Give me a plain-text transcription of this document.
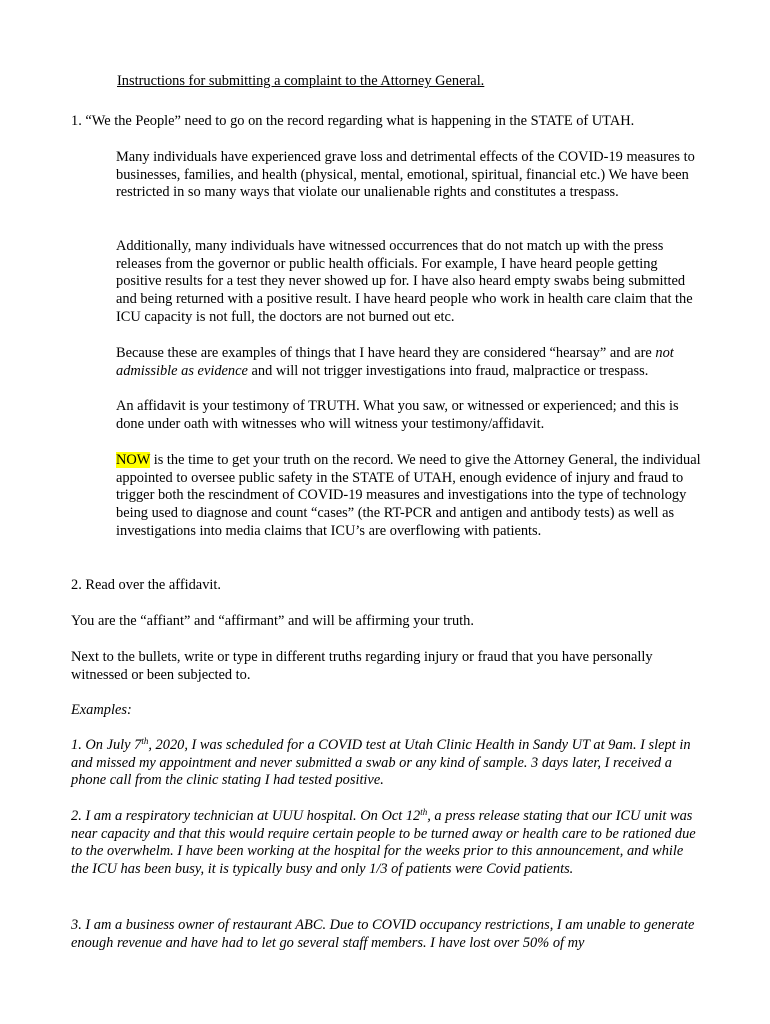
Instructions for submitting a complaint to the Attorney General.

1. “We the People” need to go on the record regarding what is happening in the STATE of UTAH.

Many individuals have experienced grave loss and detrimental effects of the COVID-19 measures to businesses, families, and health (physical, mental, emotional, spiritual, financial etc.) We have been restricted in so many ways that violate our unalienable rights and constitutes a trespass.

Additionally, many individuals have witnessed occurrences that do not match up with the press releases from the governor or public health officials. For example, I have heard people getting positive results for a test they never showed up for. I have also heard empty swabs being submitted and being returned with a positive result. I have heard people who work in health care claim that the ICU capacity is not full, the doctors are not burned out etc.

Because these are examples of things that I have heard they are considered “hearsay” and are not admissible as evidence and will not trigger investigations into fraud, malpractice or trespass.

An affidavit is your testimony of TRUTH. What you saw, or witnessed or experienced; and this is done under oath with witnesses who will witness your testimony/affidavit.

NOW is the time to get your truth on the record. We need to give the Attorney General, the individual appointed to oversee public safety in the STATE of UTAH, enough evidence of injury and fraud to trigger both the rescindment of COVID-19 measures and investigations into the type of technology being used to diagnose and count “cases” (the RT-PCR and antigen and antibody tests) as well as investigations into media claims that ICU’s are overflowing with patients.

2. Read over the affidavit.

You are the “affiant” and “affirmant” and will be affirming your truth.

Next to the bullets, write or type in different truths regarding injury or fraud that you have personally witnessed or been subjected to.

Examples:

1. On July 7th, 2020, I was scheduled for a COVID test at Utah Clinic Health in Sandy UT at 9am. I slept in and missed my appointment and never submitted a swab or any kind of sample. 3 days later, I received a phone call from the clinic stating I had tested positive.

2. I am a respiratory technician at UUU hospital. On Oct 12th, a press release stating that our ICU unit was near capacity and that this would require certain people to be turned away or health care to be rationed due to the overwhelm. I have been working at the hospital for the weeks prior to this announcement, and while the ICU has been busy, it is typically busy and only 1/3 of patients were Covid patients.

3. I am a business owner of restaurant ABC. Due to COVID occupancy restrictions, I am unable to generate enough revenue and have had to let go several staff members. I have lost over 50% of my
